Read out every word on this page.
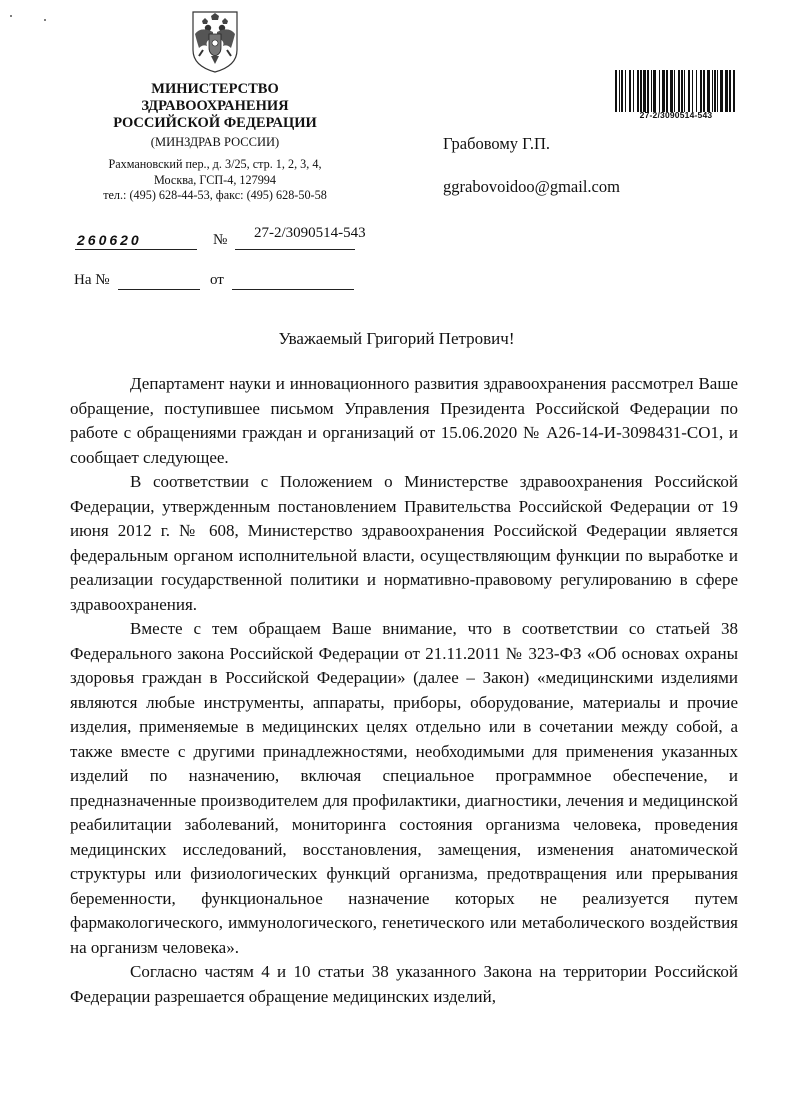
МИНИСТЕРСТВО
ЗДРАВООХРАНЕНИЯ
РОССИЙСКОЙ ФЕДЕРАЦИИ
(МИНЗДРАВ РОССИИ)
Рахмановский пер., д. 3/25, стр. 1, 2, 3, 4,
Москва, ГСП-4, 127994
тел.: (495) 628-44-53, факс: (495) 628-50-58
27-2/3090514-543
Грабовому Г.П.
ggrabovoidoo@gmail.com
260620	№ 27-2/3090514-543
На №	от
Уважаемый Григорий Петрович!

Департамент науки и инновационного развития здравоохранения рассмотрел Ваше обращение, поступившее письмом Управления Президента Российской Федерации по работе с обращениями граждан и организаций от 15.06.2020 № А26-14-И-3098431-СО1, и сообщает следующее.

В соответствии с Положением о Министерстве здравоохранения Российской Федерации, утвержденным постановлением Правительства Российской Федерации от 19 июня 2012 г. № 608, Министерство здравоохранения Российской Федерации является федеральным органом исполнительной власти, осуществляющим функции по выработке и реализации государственной политики и нормативно-правовому регулированию в сфере здравоохранения.

Вместе с тем обращаем Ваше внимание, что в соответствии со статьей 38 Федерального закона Российской Федерации от 21.11.2011 № 323-ФЗ «Об основах охраны здоровья граждан в Российской Федерации» (далее – Закон) «медицинскими изделиями являются любые инструменты, аппараты, приборы, оборудование, материалы и прочие изделия, применяемые в медицинских целях отдельно или в сочетании между собой, а также вместе с другими принадлежностями, необходимыми для применения указанных изделий по назначению, включая специальное программное обеспечение, и предназначенные производителем для профилактики, диагностики, лечения и медицинской реабилитации заболеваний, мониторинга состояния организма человека, проведения медицинских исследований, восстановления, замещения, изменения анатомической структуры или физиологических функций организма, предотвращения или прерывания беременности, функциональное назначение которых не реализуется путем фармакологического, иммунологического, генетического или метаболического воздействия на организм человека».

Согласно частям 4 и 10 статьи 38 указанного Закона на территории Российской Федерации разрешается обращение медицинских изделий,
